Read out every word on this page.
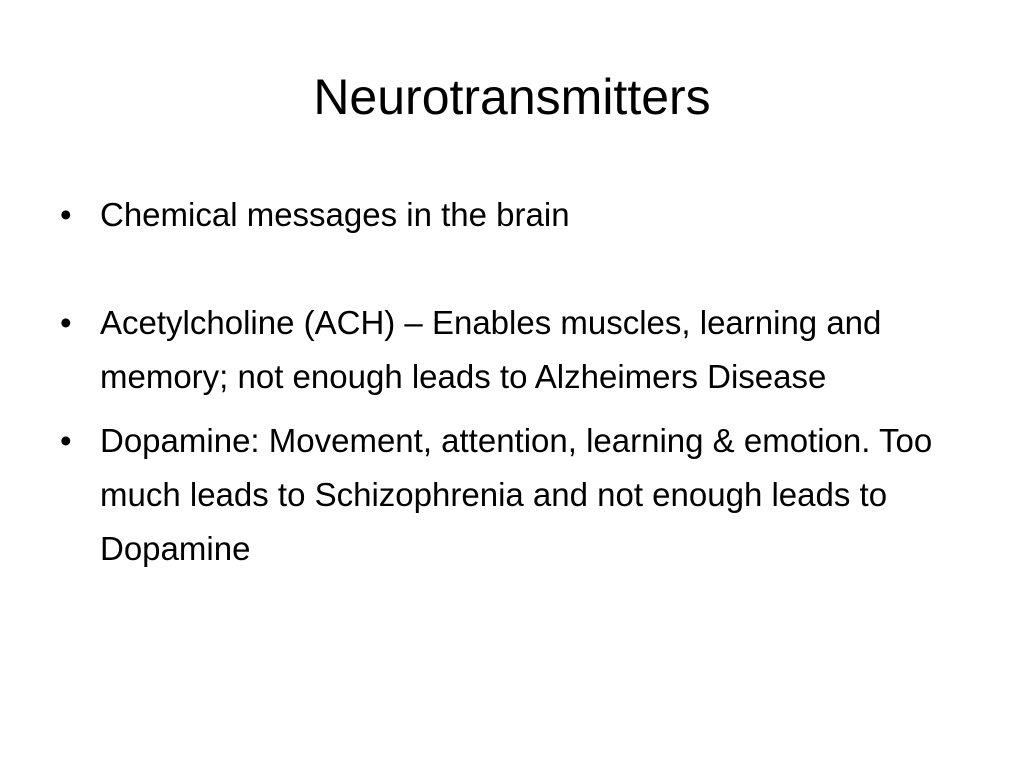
Neurotransmitters
• Chemical messages in the brain
• Acetylcholine (ACH) – Enables muscles, learning and memory; not enough leads to Alzheimers Disease
• Dopamine: Movement, attention, learning & emotion. Too much leads to Schizophrenia and not enough leads to Dopamine
